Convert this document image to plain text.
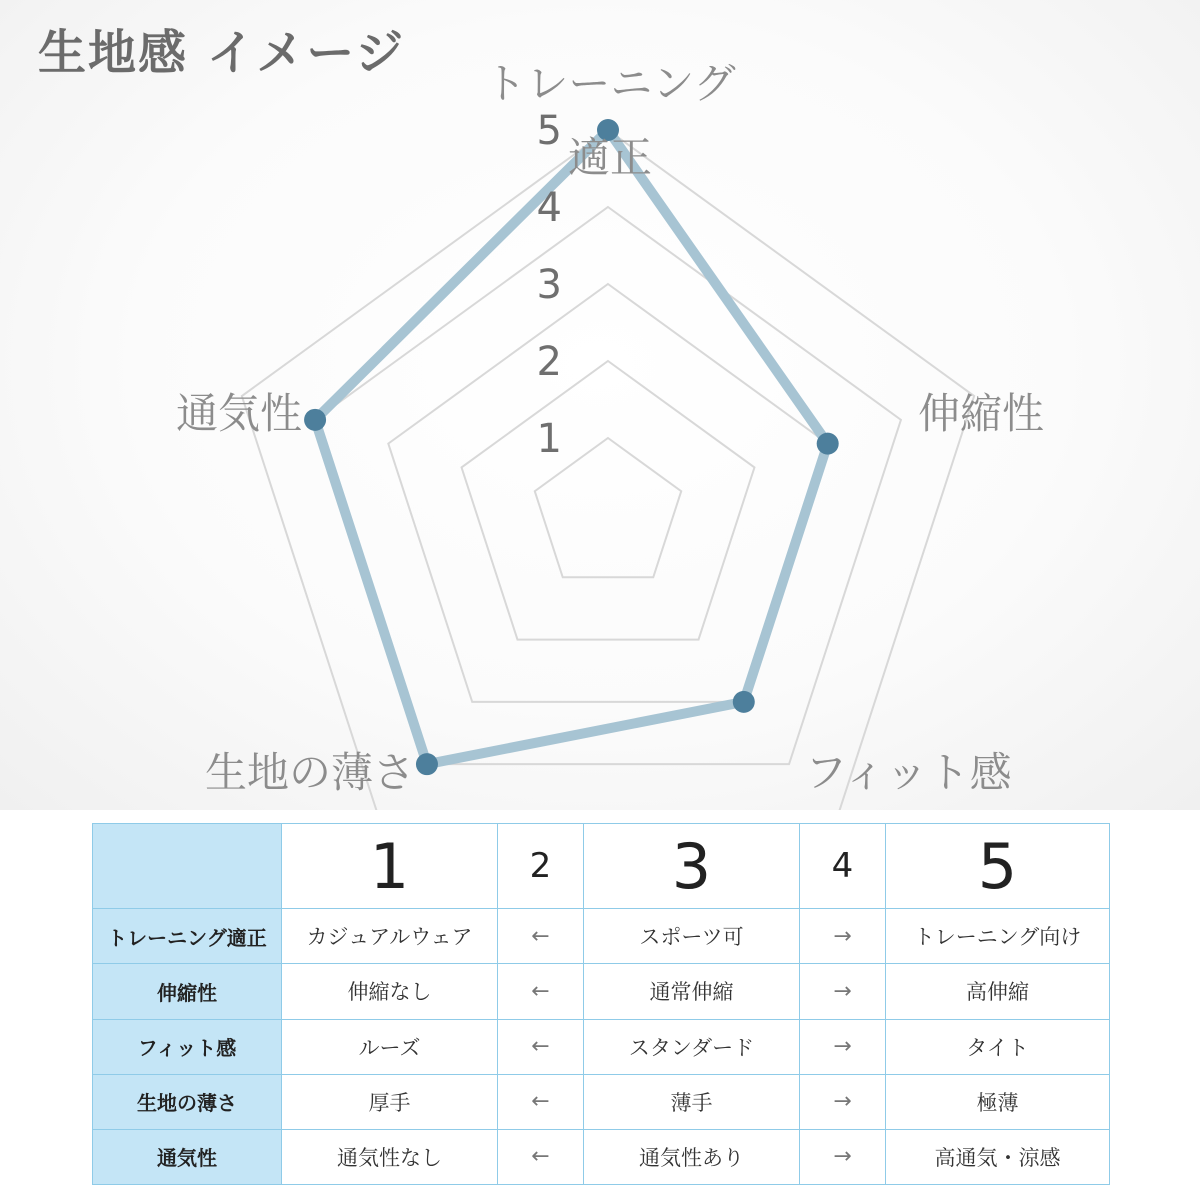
生地感 イメージ
1
2
3
4
5
トレーニング適正
伸縮性
フィット感
生地の薄さ
通気性
	1	2	3	4	5
トレーニング適正	カジュアルウェア	←	スポーツ可	→	トレーニング向け
伸縮性	伸縮なし	←	通常伸縮	→	高伸縮
フィット感	ルーズ	←	スタンダード	→	タイト
生地の薄さ	厚手	←	薄手	→	極薄
通気性	通気性なし	←	通気性あり	→	高通気・涼感
